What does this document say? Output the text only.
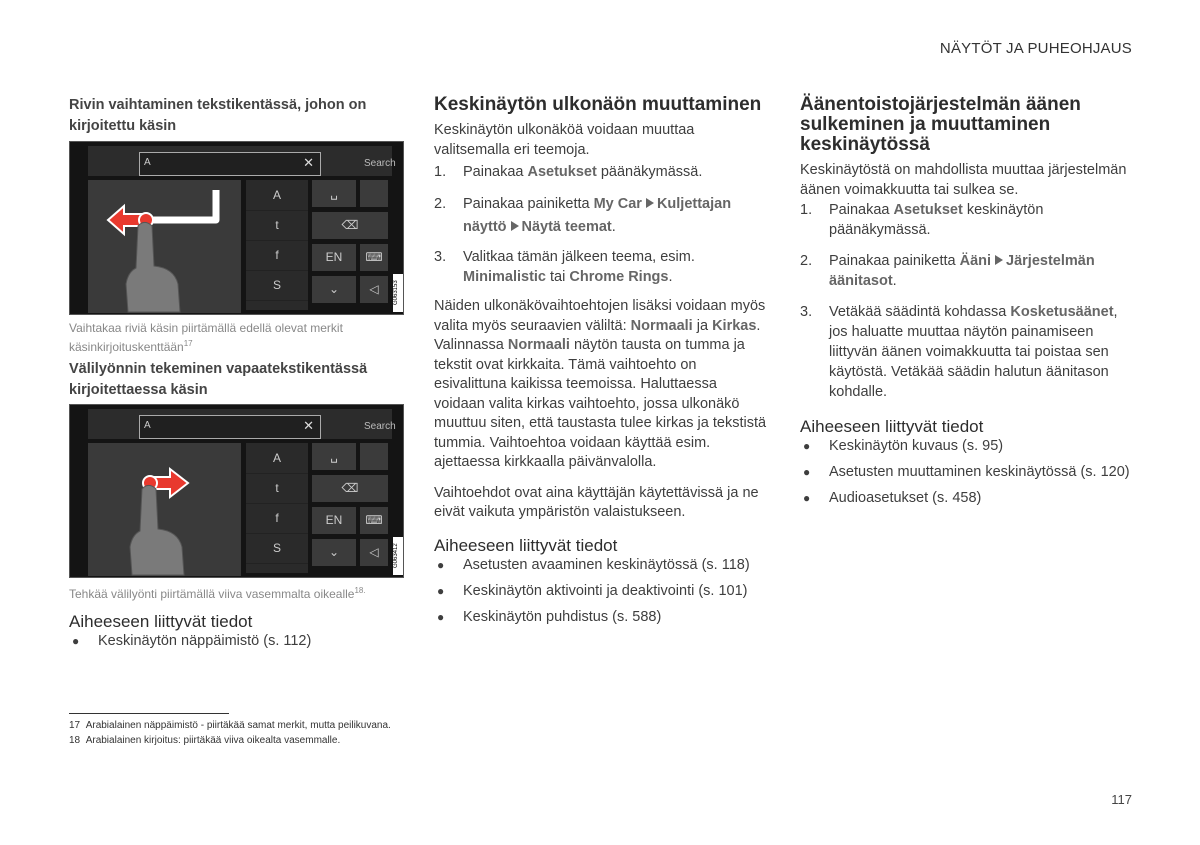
NÄYTÖT JA PUHEOHJAUS
Rivin vaihtaminen tekstikentässä, johon on kirjoitettu käsin
A	✕	Search
A
t
f
S
␣
⌫
EN	⌨
⌄	◁	G063153
Vaihtakaa riviä käsin piirtämällä edellä olevat merkit käsinkirjoituskenttään$^{17}$
Välilyönnin tekeminen vapaatekstikentässä kirjoitettaessa käsin
A	✕	Search
A
t
f
S
␣
⌫
EN	⌨
⌄	◁	G063412
Tehkää välilyönti piirtämällä viiva vasemmalta oikealle$^{18.}$
Aiheeseen liittyvät tiedot
● Keskinäytön näppäimistö (s. 112)
Keskinäytön ulkonäön muuttaminen

Keskinäytön ulkonäköä voidaan muuttaa valitsemalla eri teemoja.

1. Painakaa Asetukset päänäkymässä.
2. Painakaa painiketta My Car Kuljettajan näyttö Näytä teemat.
3. Valitkaa tämän jälkeen teema, esim. Minimalistic tai Chrome Rings.

Näiden ulkonäkövaihtoehtojen lisäksi voidaan myös valita myös seuraavien väliltä: Normaali ja Kirkas. Valinnassa Normaali näytön tausta on tumma ja tekstit ovat kirkkaita. Tämä vaihtoehto on esivalittuna kaikissa teemoissa. Haluttaessa voidaan valita kirkas vaihtoehto, jossa ulkonäkö muuttuu siten, että taustasta tulee kirkas ja tekstistä tummia. Vaihtoehtoa voidaan käyttää esim. ajettaessa kirkkaalla päivänvalolla.

Vaihtoehdot ovat aina käyttäjän käytettävissä ja ne eivät vaikuta ympäristön valaistukseen.

Aiheeseen liittyvät tiedot
● Asetusten avaaminen keskinäytössä (s. 118)
● Keskinäytön aktivointi ja deaktivointi (s. 101)
● Keskinäytön puhdistus (s. 588)
Äänentoistojärjestelmän äänen sulkeminen ja muuttaminen keskinäytössä

Keskinäytöstä on mahdollista muuttaa järjestelmän äänen voimakkuutta tai sulkea se.

1. Painakaa Asetukset keskinäytön päänäkymässä.
2. Painakaa painiketta Ääni Järjestelmän äänitasot.
3. Vetäkää säädintä kohdassa Kosketusäänet, jos haluatte muuttaa näytön painamiseen liittyvän äänen voimakkuutta tai poistaa sen käytöstä. Vetäkää säädin halutun äänitason kohdalle.
Aiheeseen liittyvät tiedot
● Keskinäytön kuvaus (s. 95)
● Asetusten muuttaminen keskinäytössä (s. 120)
● Audioasetukset (s. 458)
17 Arabialainen näppäimistö - piirtäkää samat merkit, mutta peilikuvana.
18 Arabialainen kirjoitus: piirtäkää viiva oikealta vasemmalle.
117
